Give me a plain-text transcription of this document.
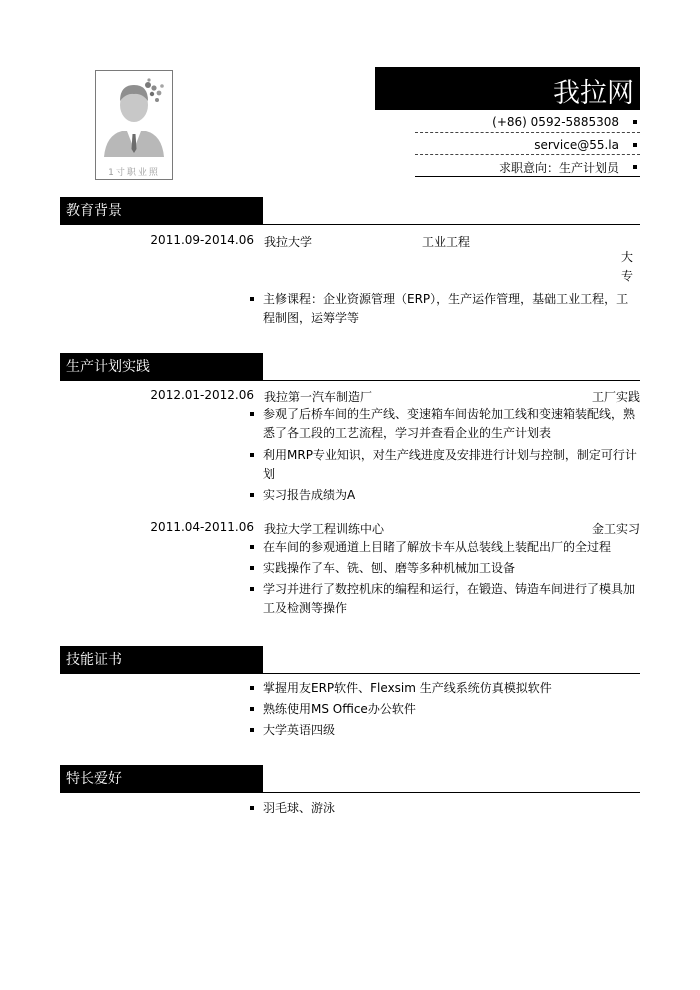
1寸职业照
我拉网
(+86) 0592-5885308
service@55.la
求职意向：生产计划员
教育背景
2011.09-2014.06 我拉大学	工业工程
大专
主修课程：企业资源管理（ERP），生产运作管理，基础工业工程，工程制图，运筹学等
生产计划实践
2012.01-2012.06 我拉第一汽车制造厂	工厂实践
参观了后桥车间的生产线、变速箱车间齿轮加工线和变速箱装配线，熟悉了各工段的工艺流程，学习并查看企业的生产计划表
利用MRP专业知识，对生产线进度及安排进行计划与控制，制定可行计划
实习报告成绩为A
2011.04-2011.06 我拉大学工程训练中心	金工实习
在车间的参观通道上目睹了解放卡车从总装线上装配出厂的全过程
实践操作了车、铣、刨、磨等多种机械加工设备
学习并进行了数控机床的编程和运行，在锻造、铸造车间进行了模具加工及检测等操作
技能证书
掌握用友ERP软件、Flexsim 生产线系统仿真模拟软件
熟练使用MS Office办公软件
大学英语四级
特长爱好
羽毛球、游泳
